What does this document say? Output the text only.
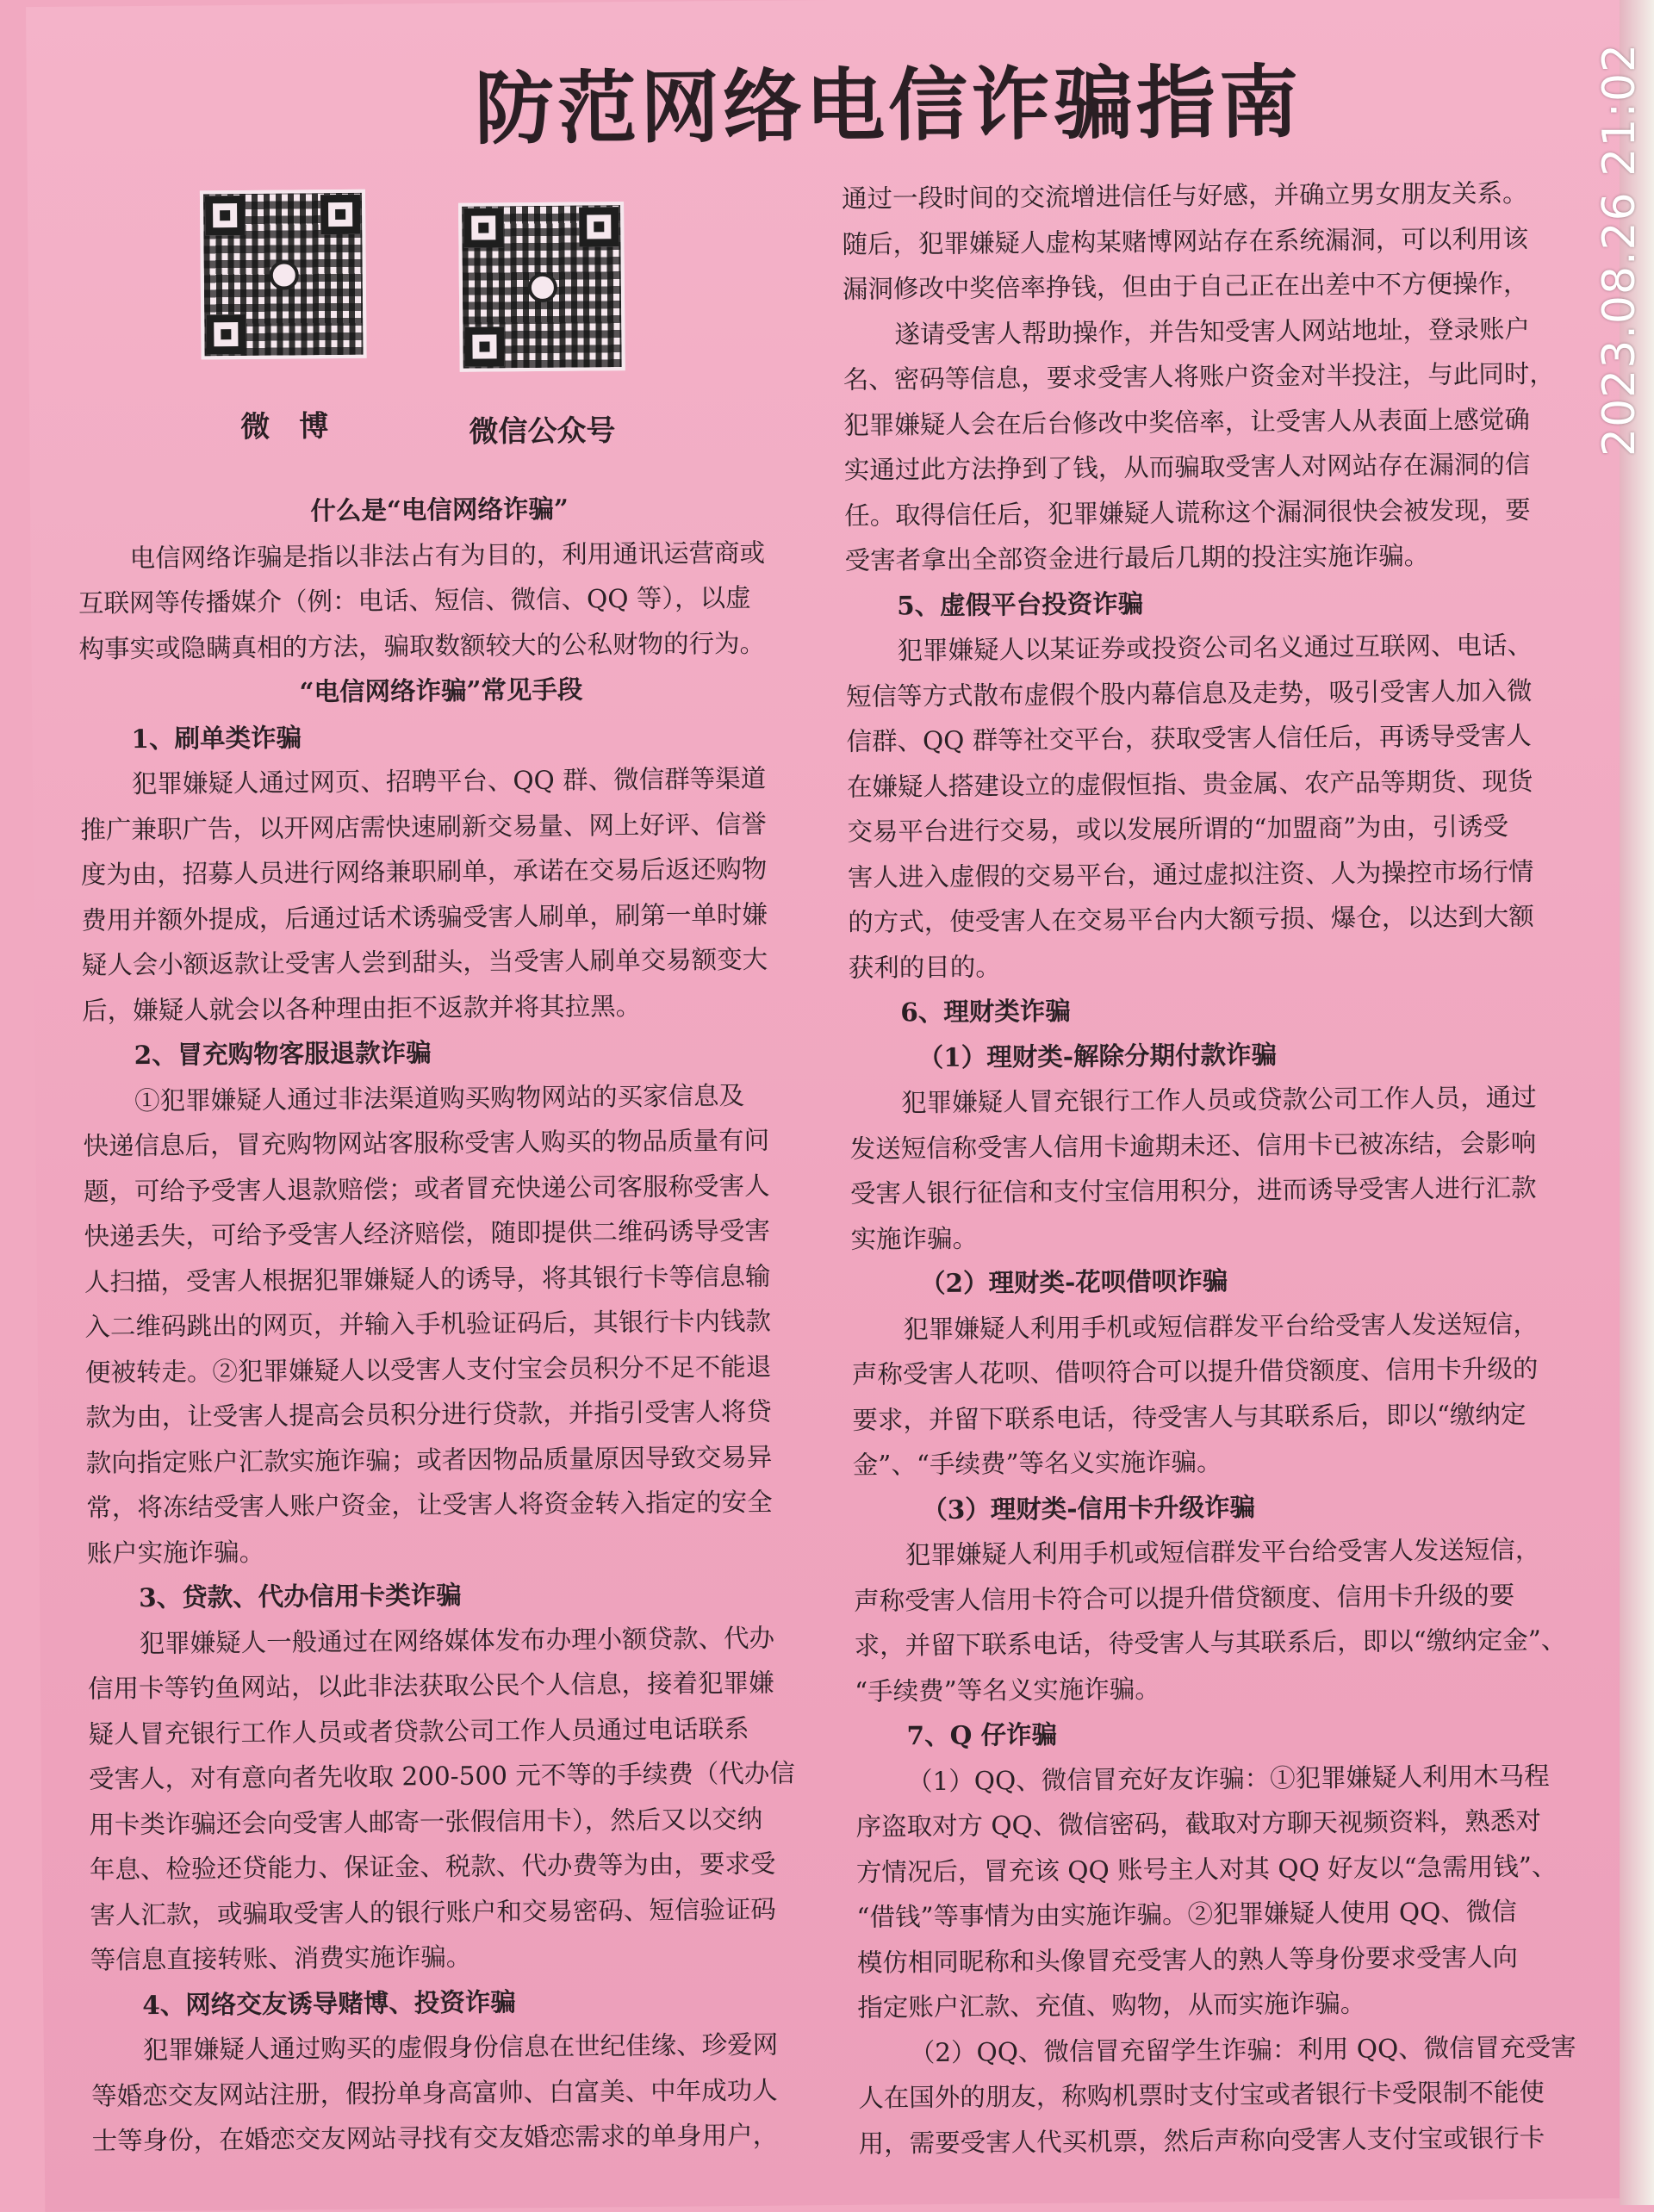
防范网络电信诈骗指南
微　博	微信公众号

什么是“电信网络诈骗”

电信网络诈骗是指以非法占有为目的，利用通讯运营商或

互联网等传播媒介（例：电话、短信、微信、QQ 等），以虚

构事实或隐瞒真相的方法，骗取数额较大的公私财物的行为。

“电信网络诈骗”常见手段

1、刷单类诈骗

犯罪嫌疑人通过网页、招聘平台、QQ 群、微信群等渠道

推广兼职广告，以开网店需快速刷新交易量、网上好评、信誉

度为由，招募人员进行网络兼职刷单，承诺在交易后返还购物

费用并额外提成，后通过话术诱骗受害人刷单，刷第一单时嫌

疑人会小额返款让受害人尝到甜头，当受害人刷单交易额变大

后，嫌疑人就会以各种理由拒不返款并将其拉黑。

2、冒充购物客服退款诈骗

①犯罪嫌疑人通过非法渠道购买购物网站的买家信息及

快递信息后，冒充购物网站客服称受害人购买的物品质量有问

题，可给予受害人退款赔偿；或者冒充快递公司客服称受害人

快递丢失，可给予受害人经济赔偿，随即提供二维码诱导受害

人扫描，受害人根据犯罪嫌疑人的诱导，将其银行卡等信息输

入二维码跳出的网页，并输入手机验证码后，其银行卡内钱款

便被转走。②犯罪嫌疑人以受害人支付宝会员积分不足不能退

款为由，让受害人提高会员积分进行贷款，并指引受害人将贷

款向指定账户汇款实施诈骗；或者因物品质量原因导致交易异

常，将冻结受害人账户资金，让受害人将资金转入指定的安全

账户实施诈骗。

3、贷款、代办信用卡类诈骗

犯罪嫌疑人一般通过在网络媒体发布办理小额贷款、代办

信用卡等钓鱼网站，以此非法获取公民个人信息，接着犯罪嫌

疑人冒充银行工作人员或者贷款公司工作人员通过电话联系

受害人，对有意向者先收取 200-500 元不等的手续费（代办信

用卡类诈骗还会向受害人邮寄一张假信用卡），然后又以交纳

年息、检验还贷能力、保证金、税款、代办费等为由，要求受

害人汇款，或骗取受害人的银行账户和交易密码、短信验证码

等信息直接转账、消费实施诈骗。

4、网络交友诱导赌博、投资诈骗

犯罪嫌疑人通过购买的虚假身份信息在世纪佳缘、珍爱网

等婚恋交友网站注册，假扮单身高富帅、白富美、中年成功人

士等身份，在婚恋交友网站寻找有交友婚恋需求的单身用户，

通过一段时间的交流增进信任与好感，并确立男女朋友关系。

随后，犯罪嫌疑人虚构某赌博网站存在系统漏洞，可以利用该

漏洞修改中奖倍率挣钱，但由于自己正在出差中不方便操作，

遂请受害人帮助操作，并告知受害人网站地址，登录账户

名、密码等信息，要求受害人将账户资金对半投注，与此同时，

犯罪嫌疑人会在后台修改中奖倍率，让受害人从表面上感觉确

实通过此方法挣到了钱，从而骗取受害人对网站存在漏洞的信

任。取得信任后，犯罪嫌疑人谎称这个漏洞很快会被发现，要

受害者拿出全部资金进行最后几期的投注实施诈骗。

5、虚假平台投资诈骗

犯罪嫌疑人以某证券或投资公司名义通过互联网、电话、

短信等方式散布虚假个股内幕信息及走势，吸引受害人加入微

信群、QQ 群等社交平台，获取受害人信任后，再诱导受害人

在嫌疑人搭建设立的虚假恒指、贵金属、农产品等期货、现货

交易平台进行交易，或以发展所谓的“加盟商”为由，引诱受

害人进入虚假的交易平台，通过虚拟注资、人为操控市场行情

的方式，使受害人在交易平台内大额亏损、爆仓，以达到大额

获利的目的。

6、理财类诈骗

（1）理财类-解除分期付款诈骗

犯罪嫌疑人冒充银行工作人员或贷款公司工作人员，通过

发送短信称受害人信用卡逾期未还、信用卡已被冻结，会影响

受害人银行征信和支付宝信用积分，进而诱导受害人进行汇款

实施诈骗。

（2）理财类-花呗借呗诈骗

犯罪嫌疑人利用手机或短信群发平台给受害人发送短信，

声称受害人花呗、借呗符合可以提升借贷额度、信用卡升级的

要求，并留下联系电话，待受害人与其联系后，即以“缴纳定

金”、“手续费”等名义实施诈骗。

（3）理财类-信用卡升级诈骗

犯罪嫌疑人利用手机或短信群发平台给受害人发送短信，

声称受害人信用卡符合可以提升借贷额度、信用卡升级的要

求，并留下联系电话，待受害人与其联系后，即以“缴纳定金”、

“手续费”等名义实施诈骗。

7、Q 仔诈骗

（1）QQ、微信冒充好友诈骗：①犯罪嫌疑人利用木马程

序盗取对方 QQ、微信密码，截取对方聊天视频资料，熟悉对

方情况后，冒充该 QQ 账号主人对其 QQ 好友以“急需用钱”、

“借钱”等事情为由实施诈骗。②犯罪嫌疑人使用 QQ、微信

模仿相同昵称和头像冒充受害人的熟人等身份要求受害人向

指定账户汇款、充值、购物，从而实施诈骗。

（2）QQ、微信冒充留学生诈骗：利用 QQ、微信冒充受害

人在国外的朋友，称购机票时支付宝或者银行卡受限制不能使

用，需要受害人代买机票，然后声称向受害人支付宝或银行卡

2023.08.26 21:02
